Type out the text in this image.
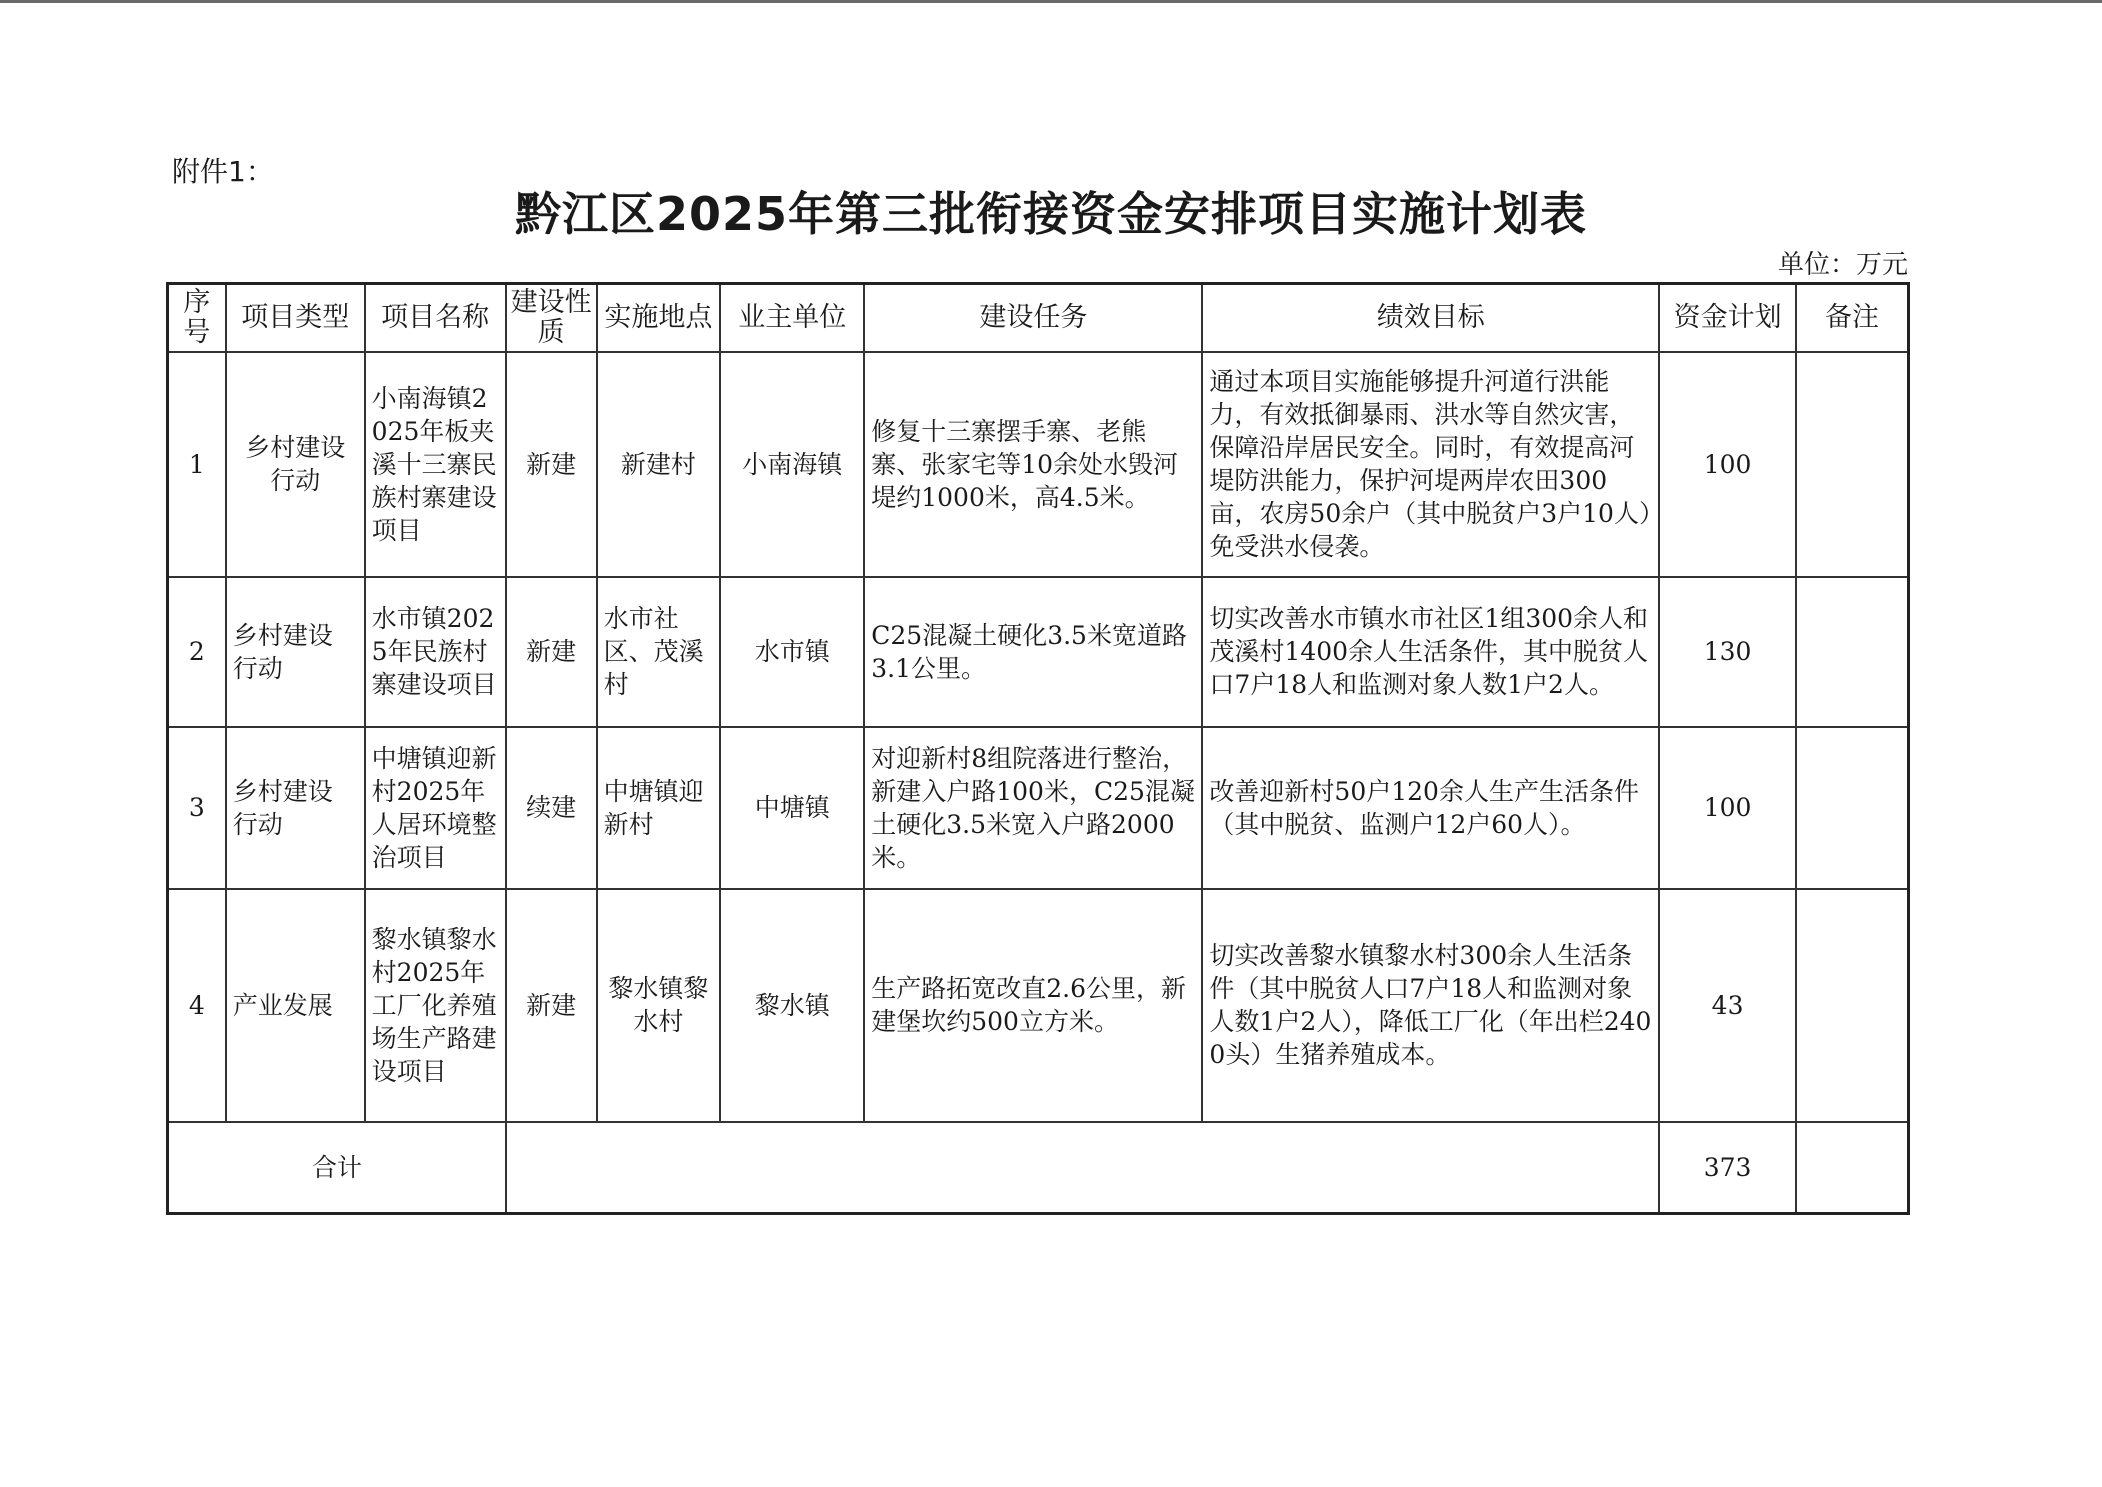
附件1：
黔江区2025年第三批衔接资金安排项目实施计划表
单位：万元
序号	项目类型	项目名称	建设性质	实施地点	业主单位	建设任务	绩效目标	资金计划	备注
1	乡村建设行动	小南海镇2025年板夹溪十三寨民族村寨建设项目	新建	新建村	小南海镇	修复十三寨摆手寨、老熊寨、张家宅等10余处水毁河堤约1000米，高4.5米。	通过本项目实施能够提升河道行洪能力，有效抵御暴雨、洪水等自然灾害，保障沿岸居民安全。同时，有效提高河堤防洪能力，保护河堤两岸农田300亩，农房50余户（其中脱贫户3户10人）免受洪水侵袭。	100	
2	乡村建设行动	水市镇2025年民族村寨建设项目	新建	水市社区、茂溪村	水市镇	C25混凝土硬化3.5米宽道路3.1公里。	切实改善水市镇水市社区1组300余人和茂溪村1400余人生活条件，其中脱贫人口7户18人和监测对象人数1户2人。	130	
3	乡村建设行动	中塘镇迎新村2025年人居环境整治项目	续建	中塘镇迎新村	中塘镇	对迎新村8组院落进行整治，新建入户路100米，C25混凝土硬化3.5米宽入户路2000米。	改善迎新村50户120余人生产生活条件（其中脱贫、监测户12户60人）。	100	
4	产业发展	黎水镇黎水村2025年工厂化养殖场生产路建设项目	新建	黎水镇黎水村	黎水镇	生产路拓宽改直2.6公里，新建堡坎约500立方米。	切实改善黎水镇黎水村300余人生活条件（其中脱贫人口7户18人和监测对象人数1户2人），降低工厂化（年出栏2400头）生猪养殖成本。	43	
合计								373	
